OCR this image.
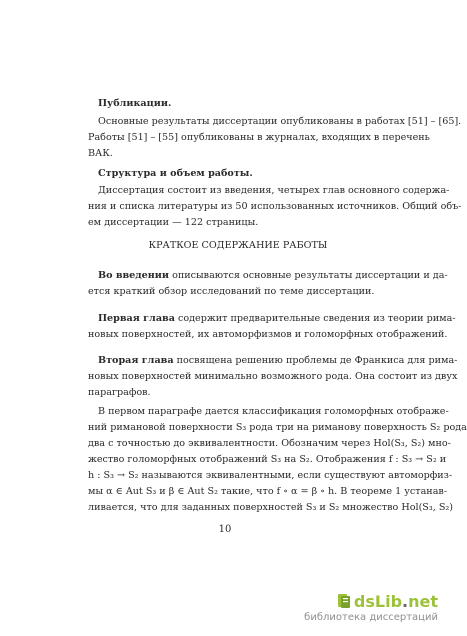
Публикации.
Основные результаты диссертации опубликованы в работах [51] – [65].
Работы [51] – [55] опубликованы в журналах, входящих в перечень
ВАК.
Структура и объем работы.
Диссертация состоит из введения, четырех глав основного содержа-
ния и списка литературы из 50 использованных источников. Общий объ-
ем диссертации — 122 страницы.
КРАТКОЕ СОДЕРЖАНИЕ РАБОТЫ
Во введении описываются основные результаты диссертации и да-
ется краткий обзор исследований по теме диссертации.
Первая глава содержит предварительные сведения из теории рима-
новых поверхностей, их автоморфизмов и голоморфных отображений.
Вторая глава посвящена решению проблемы де Франкиса для рима-
новых поверхностей минимально возможного рода. Она состоит из двух
параграфов.
В первом параграфе дается классификация голоморфных отображе-
ний римановой поверхности S₃ рода три на риманову поверхность S₂ рода
два с точностью до эквивалентности. Обозначим через Hol(S₃, S₂) мно-
жество голоморфных отображений S₃ на S₂. Отображения f : S₃ → S₂ и
h : S₃ → S₂ называются эквивалентными, если существуют автоморфиз-
мы α ∈ Aut S₃ и β ∈ Aut S₂ такие, что f ∘ α = β ∘ h. В теореме 1 устанав-
ливается, что для заданных поверхностей S₃ и S₂ множество Hol(S₃, S₂)
10
dsLib.net
библиотека диссертаций
